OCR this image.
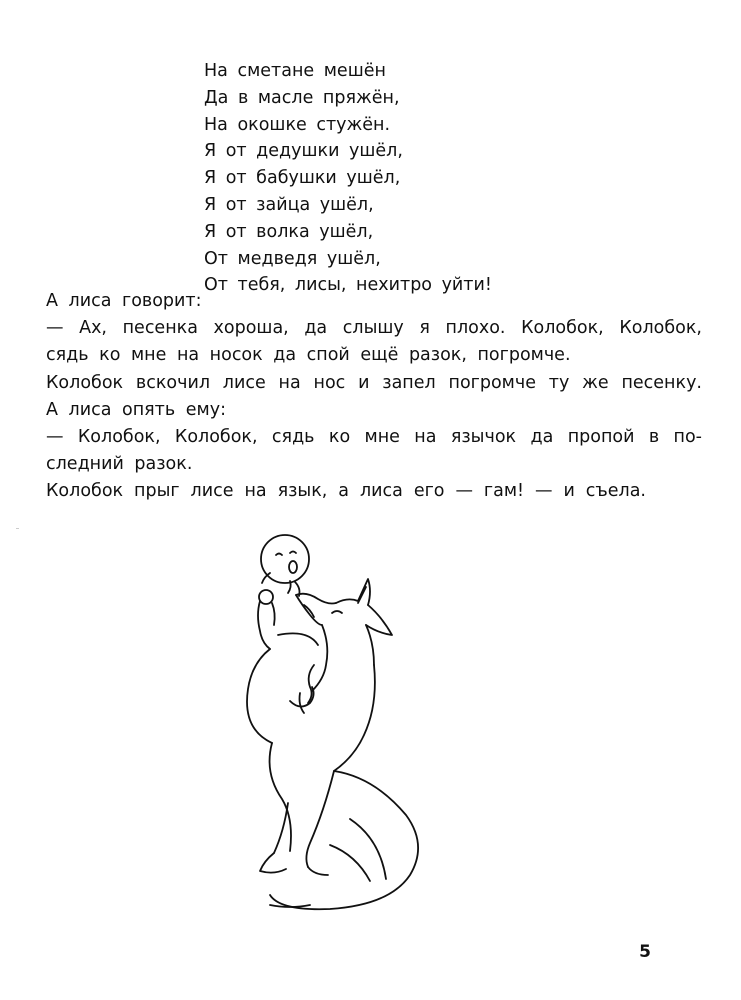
На сметане мешён
Да в масле пряжён,
На окошке стужён.
Я от дедушки ушёл,
Я от бабушки ушёл,
Я от зайца ушёл,
Я от волка ушёл,
От медведя ушёл,
От тебя, лисы, нехитро уйти!
А лиса говорит:
— Ах, песенка хороша, да слышу я плохо. Колобок, Колобок,
сядь ко мне на носок да спой ещё разок, погромче.
Колобок вскочил лисе на нос и запел погромче ту же песенку.
А лиса опять ему:
— Колобок, Колобок, сядь ко мне на язычок да пропой в по-
следний разок.
Колобок прыг лисе на язык, а лиса его — гам! — и съела.
5
